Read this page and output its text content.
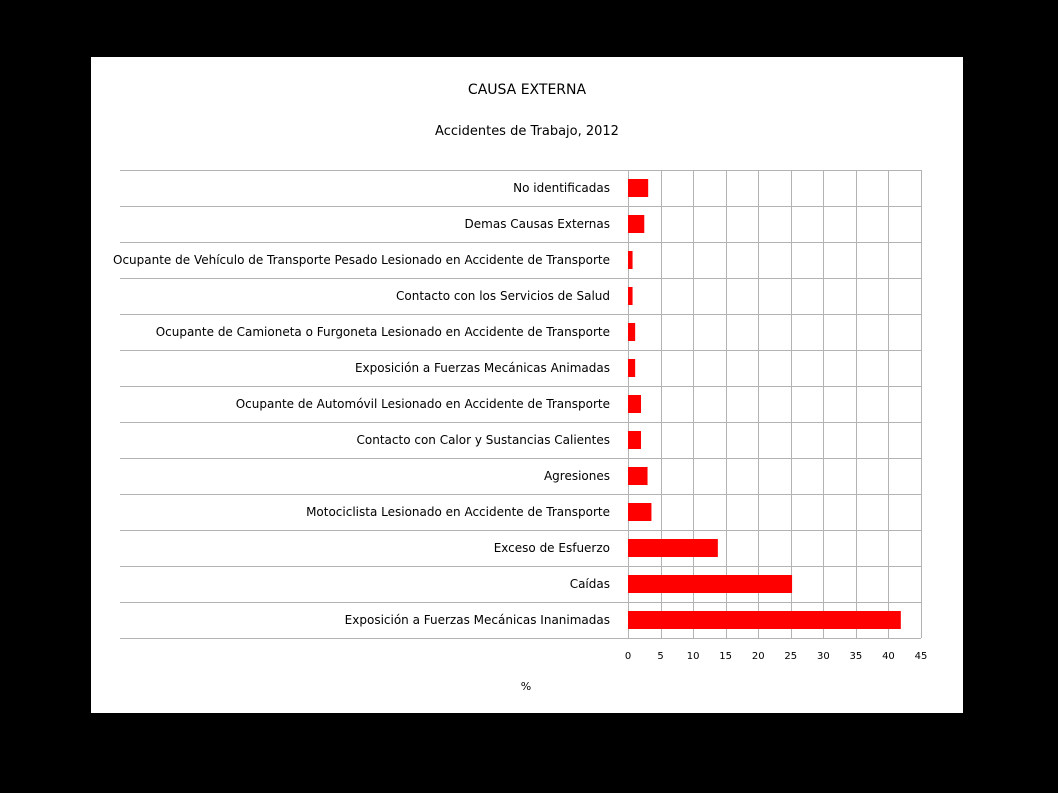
CAUSA EXTERNA
Accidentes de Trabajo, 2012
No identificadas
Demas Causas Externas
Ocupante de Vehículo de Transporte Pesado Lesionado en Accidente de Transporte
Contacto con los Servicios de Salud
Ocupante de Camioneta o Furgoneta Lesionado en Accidente de Transporte
Exposición a Fuerzas Mecánicas Animadas
Ocupante de Automóvil Lesionado en Accidente de Transporte
Contacto con Calor y Sustancias Calientes
Agresiones
Motociclista Lesionado en Accidente de Transporte
Exceso de Esfuerzo
Caídas
Exposición a Fuerzas Mecánicas Inanimadas
0	5 10 15 20 25 30 35 40 45
%
